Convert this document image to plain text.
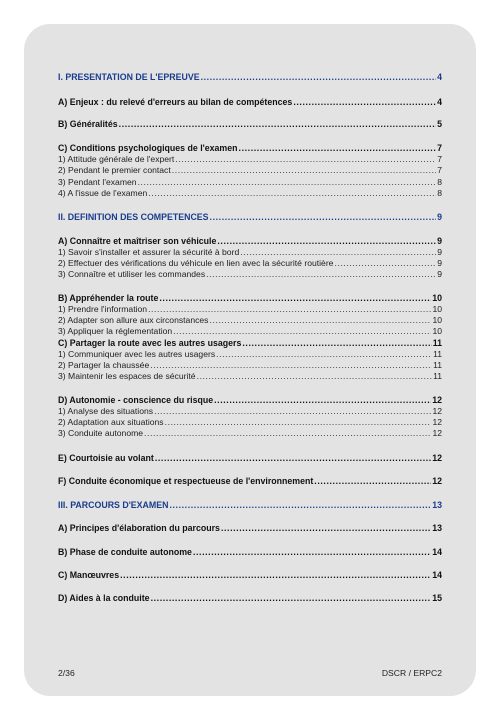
I. PRESENTATION DE L'EPREUVE .....	4
A) Enjeux : du relevé d'erreurs au bilan de compétences .....	4
B) Généralités .....	5
C) Conditions psychologiques de l'examen .....	7
1) Attitude générale de l'expert .....	7
2) Pendant le premier contact .....	7
3) Pendant l'examen .....	8
4) A l'issue de l'examen .....	8
II. DEFINITION DES COMPETENCES .....	9
A) Connaître et maîtriser son véhicule .....	9
1) Savoir s'installer et assurer la sécurité à bord .....	9
2) Effectuer des vérifications du véhicule en lien avec la sécurité routière .....	9
3) Connaître et utiliser les commandes .....	9
B) Appréhender la route .....	10
1) Prendre l'information .....	10
2) Adapter son allure aux circonstances .....	10
3) Appliquer la réglementation .....	10
C) Partager la route avec les autres usagers .....	11
1) Communiquer avec les autres usagers .....	11
2) Partager la chaussée .....	11
3) Maintenir les espaces de sécurité .....	11
D) Autonomie - conscience du risque .....	12
1) Analyse des situations .....	12
2) Adaptation aux situations .....	12
3) Conduite autonome .....	12
E) Courtoisie au volant .....	12
F) Conduite économique et respectueuse de l'environnement .....	12
III. PARCOURS D'EXAMEN .....	13
A) Principes d'élaboration du parcours .....	13
B) Phase de conduite autonome .....	14
C) Manœuvres .....	14
D) Aides à la conduite .....	15
2/36	DSCR / ERPC2
